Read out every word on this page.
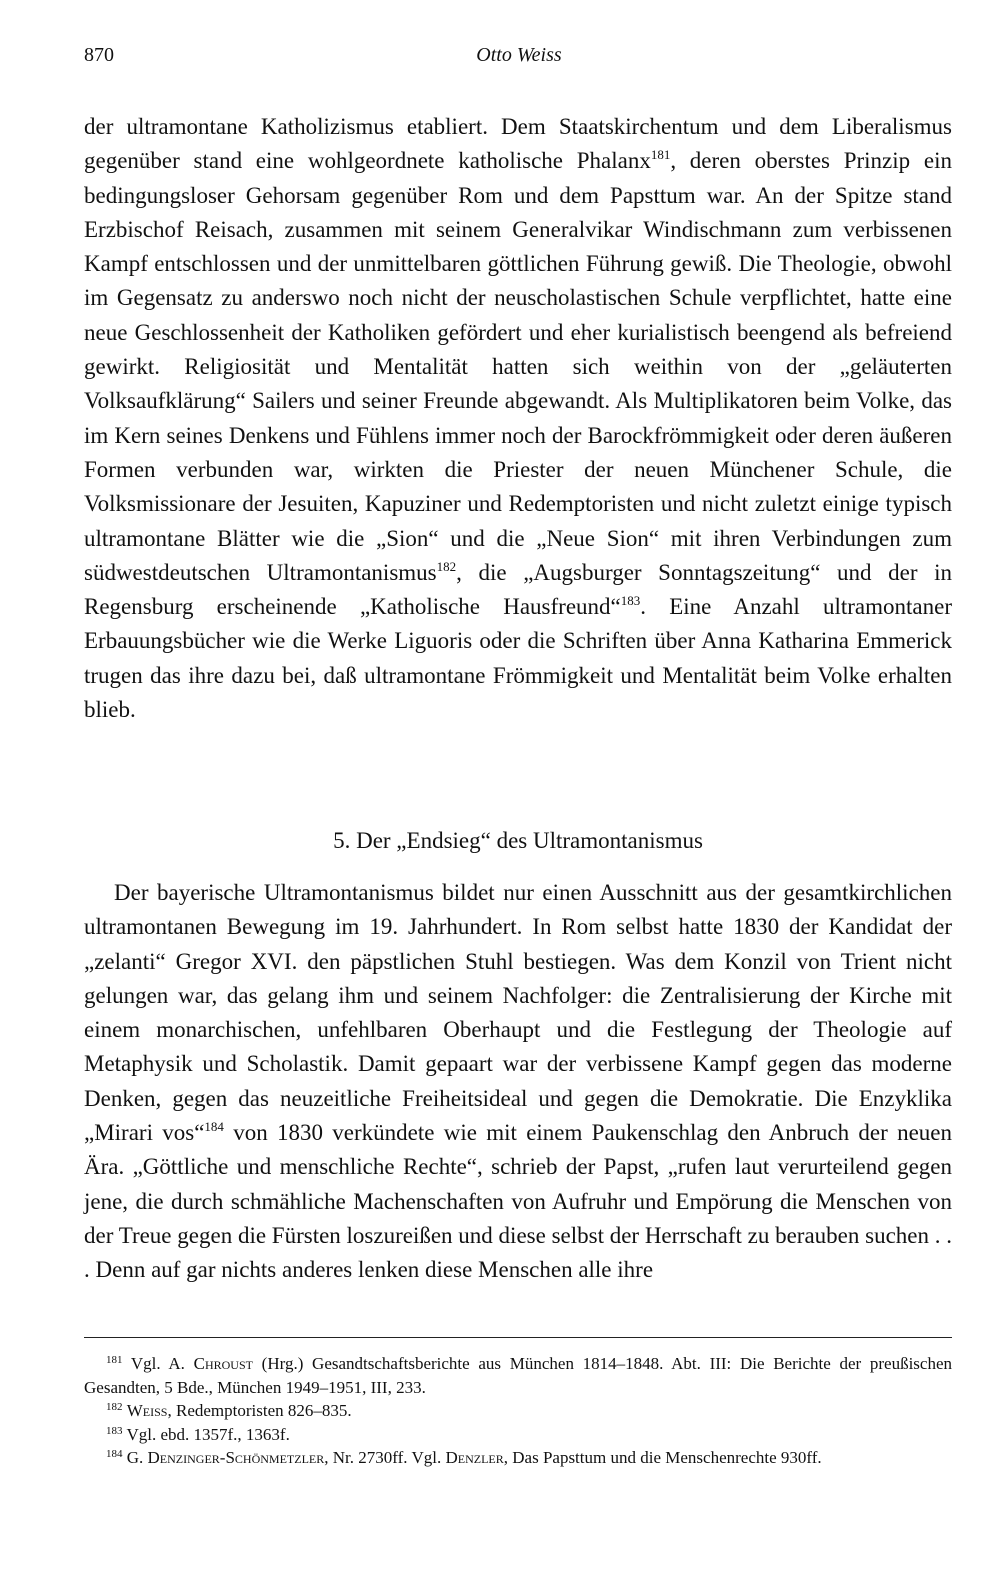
870	Otto Weiss

der ultramontane Katholizismus etabliert. Dem Staatskirchentum und dem Liberalismus gegenüber stand eine wohlgeordnete katholische Phalanx$^{181}$, deren oberstes Prinzip ein bedingungsloser Gehorsam gegenüber Rom und dem Papsttum war. An der Spitze stand Erzbischof Reisach, zusammen mit seinem Generalvikar Windischmann zum verbissenen Kampf entschlossen und der unmittelbaren göttlichen Führung gewiß. Die Theologie, obwohl im Gegensatz zu anderswo noch nicht der neuscholastischen Schule verpflichtet, hatte eine neue Geschlossenheit der Katholiken gefördert und eher kurialistisch beengend als befreiend gewirkt. Religiosität und Mentalität hatten sich weithin von der „geläuterten Volksaufklärung“ Sailers und seiner Freunde abgewandt. Als Multiplikatoren beim Volke, das im Kern seines Denkens und Fühlens immer noch der Barockfrömmigkeit oder deren äußeren Formen verbunden war, wirkten die Priester der neuen Münchener Schule, die Volksmissionare der Jesuiten, Kapuziner und Redemptoristen und nicht zuletzt einige typisch ultramontane Blätter wie die „Sion“ und die „Neue Sion“ mit ihren Verbindungen zum südwestdeutschen Ultramontanismus$^{182}$, die „Augsburger Sonntagszeitung“ und der in Regensburg erscheinende „Katholische Hausfreund“$^{183}$. Eine Anzahl ultramontaner Erbauungsbücher wie die Werke Liguoris oder die Schriften über Anna Katharina Emmerick trugen das ihre dazu bei, daß ultramontane Frömmigkeit und Mentalität beim Volke erhalten blieb.

5. Der „Endsieg“ des Ultramontanismus

Der bayerische Ultramontanismus bildet nur einen Ausschnitt aus der gesamtkirchlichen ultramontanen Bewegung im 19. Jahrhundert. In Rom selbst hatte 1830 der Kandidat der „zelanti“ Gregor XVI. den päpstlichen Stuhl bestiegen. Was dem Konzil von Trient nicht gelungen war, das gelang ihm und seinem Nachfolger: die Zentralisierung der Kirche mit einem monarchischen, unfehlbaren Oberhaupt und die Festlegung der Theologie auf Metaphysik und Scholastik. Damit gepaart war der verbissene Kampf gegen das moderne Denken, gegen das neuzeitliche Freiheitsideal und gegen die Demokratie. Die Enzyklika „Mirari vos“$^{184}$ von 1830 verkündete wie mit einem Paukenschlag den Anbruch der neuen Ära. „Göttliche und menschliche Rechte“, schrieb der Papst, „rufen laut verurteilend gegen jene, die durch schmähliche Machenschaften von Aufruhr und Empörung die Menschen von der Treue gegen die Fürsten loszureißen und diese selbst der Herrschaft zu berauben suchen . . . Denn auf gar nichts anderes lenken diese Menschen alle ihre

$^{181}$ Vgl. A. Chroust (Hrg.) Gesandtschaftsberichte aus München 1814–1848. Abt. III: Die Berichte der preußischen Gesandten, 5 Bde., München 1949–1951, III, 233.

$^{182}$ Weiss, Redemptoristen 826–835.

$^{183}$ Vgl. ebd. 1357f., 1363f.

$^{184}$ G. Denzinger-Schönmetzler, Nr. 2730ff. Vgl. Denzler, Das Papsttum und die Menschenrechte 930ff.
